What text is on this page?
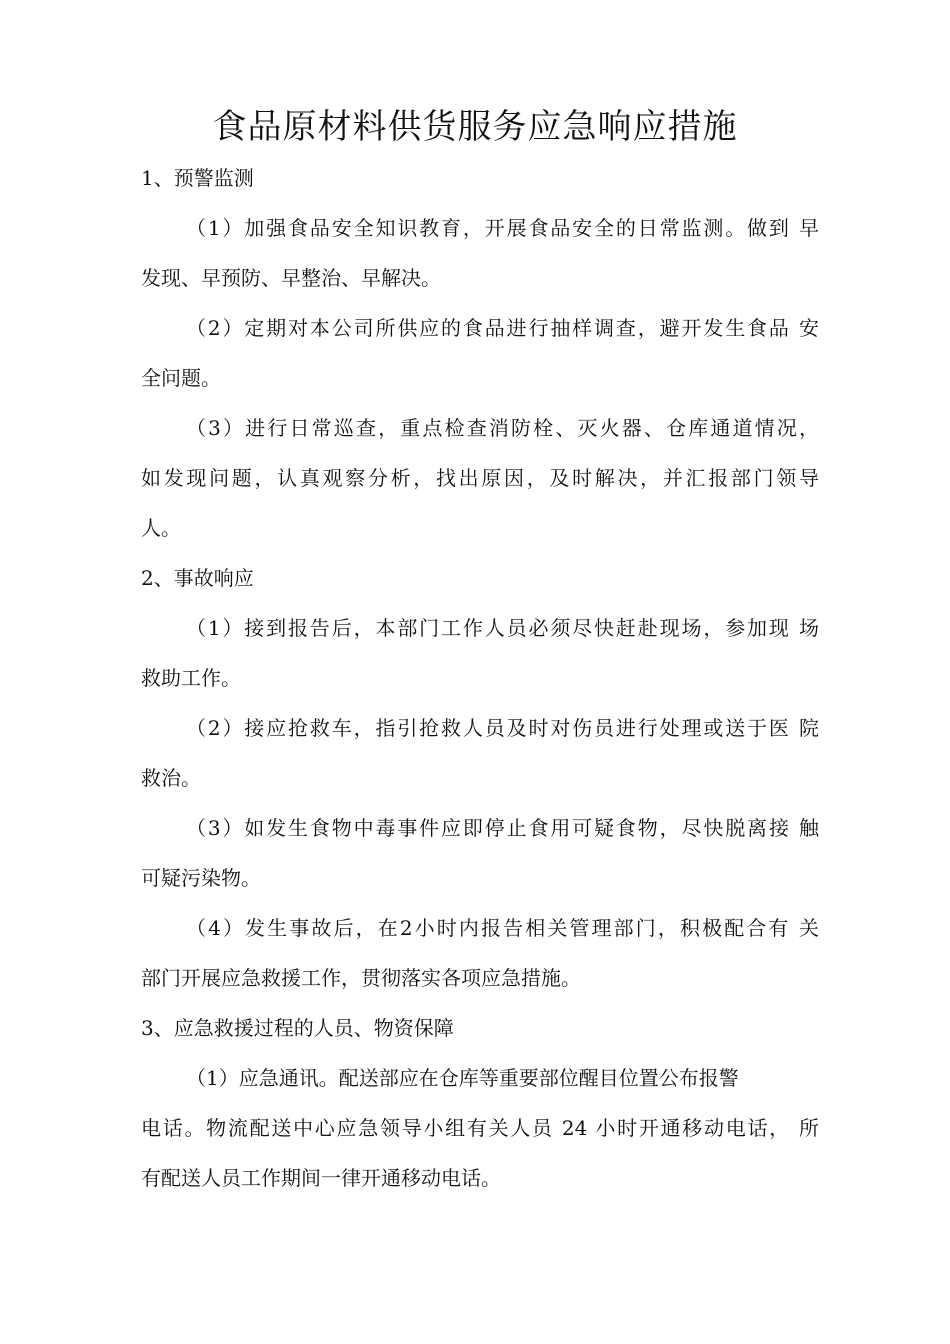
食品原材料供货服务应急响应措施

1、预警监测

（1）加强食品安全知识教育，开展食品安全的日常监测。做到 早

发现、早预防、早整治、早解决。

（2）定期对本公司所供应的食品进行抽样调查，避开发生食品 安

全问题。

（3）进行日常巡查，重点检查消防栓、灭火器、仓库通道情况，

如发现问题，认真观察分析，找出原因，及时解决，并汇报部门领导

人。

2、事故响应

（1）接到报告后，本部门工作人员必须尽快赶赴现场，参加现 场

救助工作。

（2）接应抢救车，指引抢救人员及时对伤员进行处理或送于医 院

救治。

（3）如发生食物中毒事件应即停止食用可疑食物，尽快脱离接 触

可疑污染物。

（4）发生事故后，在2小时内报告相关管理部门，积极配合有 关

部门开展应急救援工作，贯彻落实各项应急措施。

3、应急救援过程的人员、物资保障

（1）应急通讯。配送部应在仓库等重要部位醒目位置公布报警

电话。物流配送中心应急领导小组有关人员 24 小时开通移动电话， 所

有配送人员工作期间一律开通移动电话。
